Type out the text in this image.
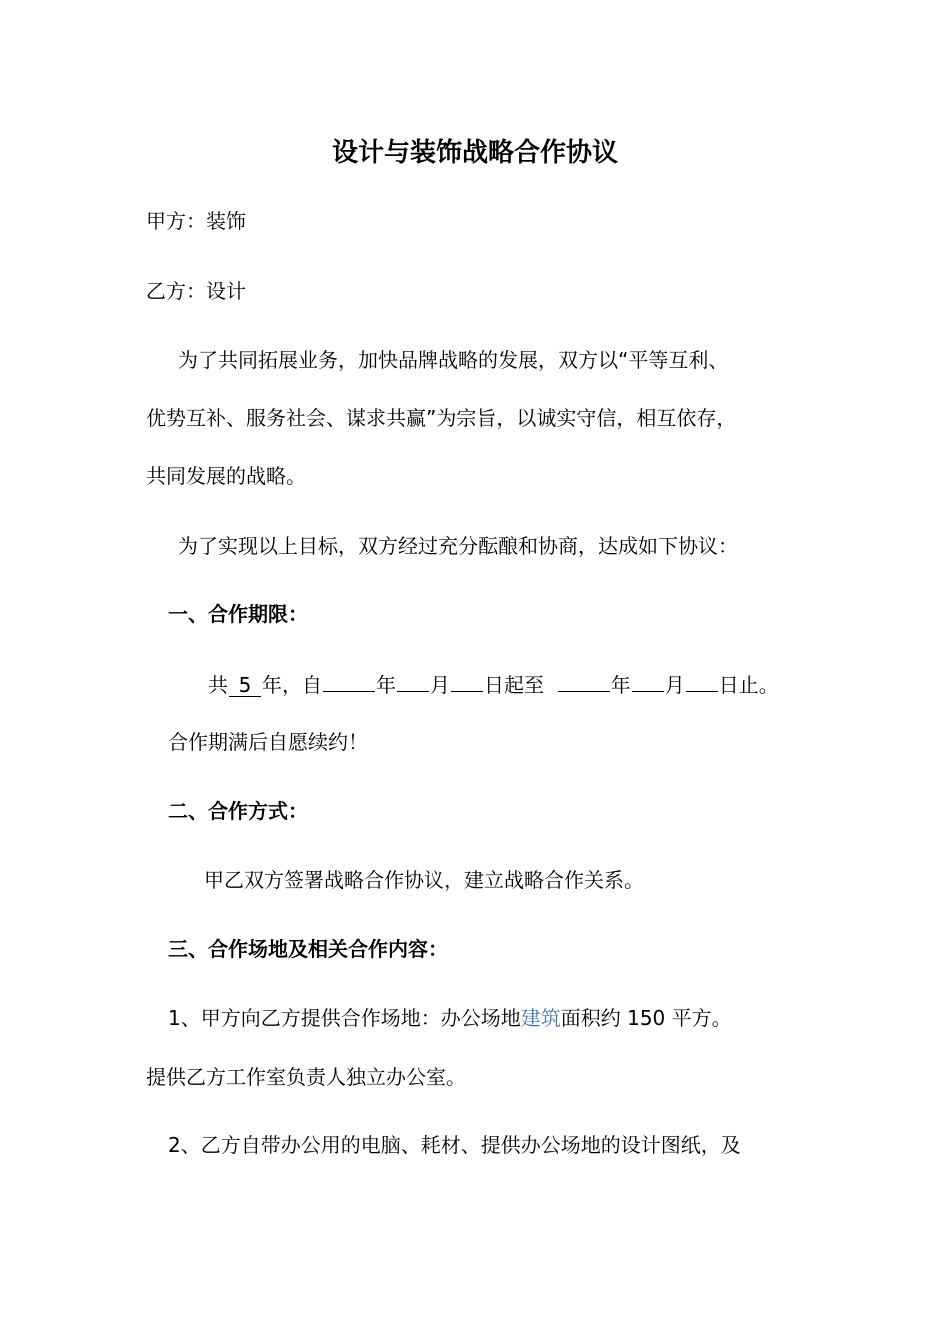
设计与装饰战略合作协议
甲方：装饰
乙方：设计
为了共同拓展业务，加快品牌战略的发展，双方以“平等互利、
优势互补、服务社会、谋求共赢”为宗旨，以诚实守信，相互依存，
共同发展的战略。
为了实现以上目标，双方经过充分酝酿和协商，达成如下协议：
一、合作期限：
共 5 年，自	年 月 日起至	年 月 日止。
合作期满后自愿续约！
二、合作方式：
甲乙双方签署战略合作协议，建立战略合作关系。
三、合作场地及相关合作内容：
1、甲方向乙方提供合作场地：办公场地建筑面积约 150 平方。
提供乙方工作室负责人独立办公室。
2、乙方自带办公用的电脑、耗材、提供办公场地的设计图纸，及
